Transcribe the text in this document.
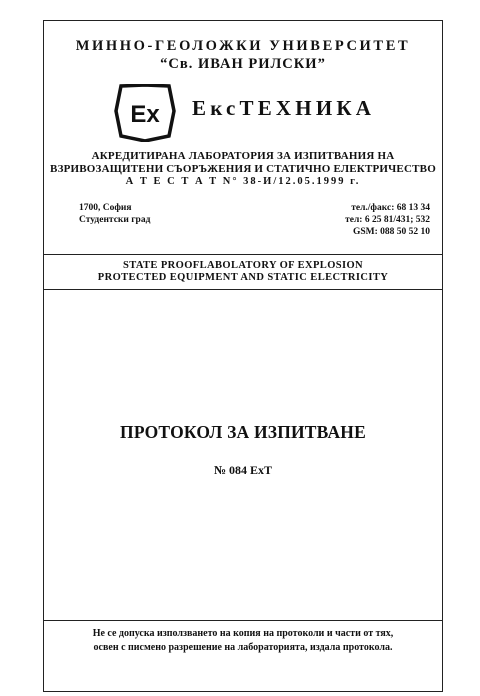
МИННО-ГЕОЛОЖКИ УНИВЕРСИТЕТ
“Св. ИВАН РИЛСКИ”
Ex ЕксТЕХНИКА
АКРЕДИТИРАНА ЛАБОРАТОРИЯ ЗА ИЗПИТВАНИЯ НА
ВЗРИВОЗАЩИТЕНИ СЪОРЪЖЕНИЯ И СТАТИЧНО ЕЛЕКТРИЧЕСТВО
А Т Е С Т А Т N° 38-И/12.05.1999 г.
1700, София
Студентски град
тел./факс: 68 13 34
тел: 6 25 81/431; 532
GSM: 088 50 52 10
STATE PROOFLABOLATORY OF EXPLOSION
PROTECTED EQUIPMENT AND STATIC ELECTRICITY
ПРОТОКОЛ ЗА ИЗПИТВАНЕ
№ 084 ExT
Не се допуска използването на копия на протоколи и части от тях,
освен с писмено разрешение на лабораторията, издала протокола.
